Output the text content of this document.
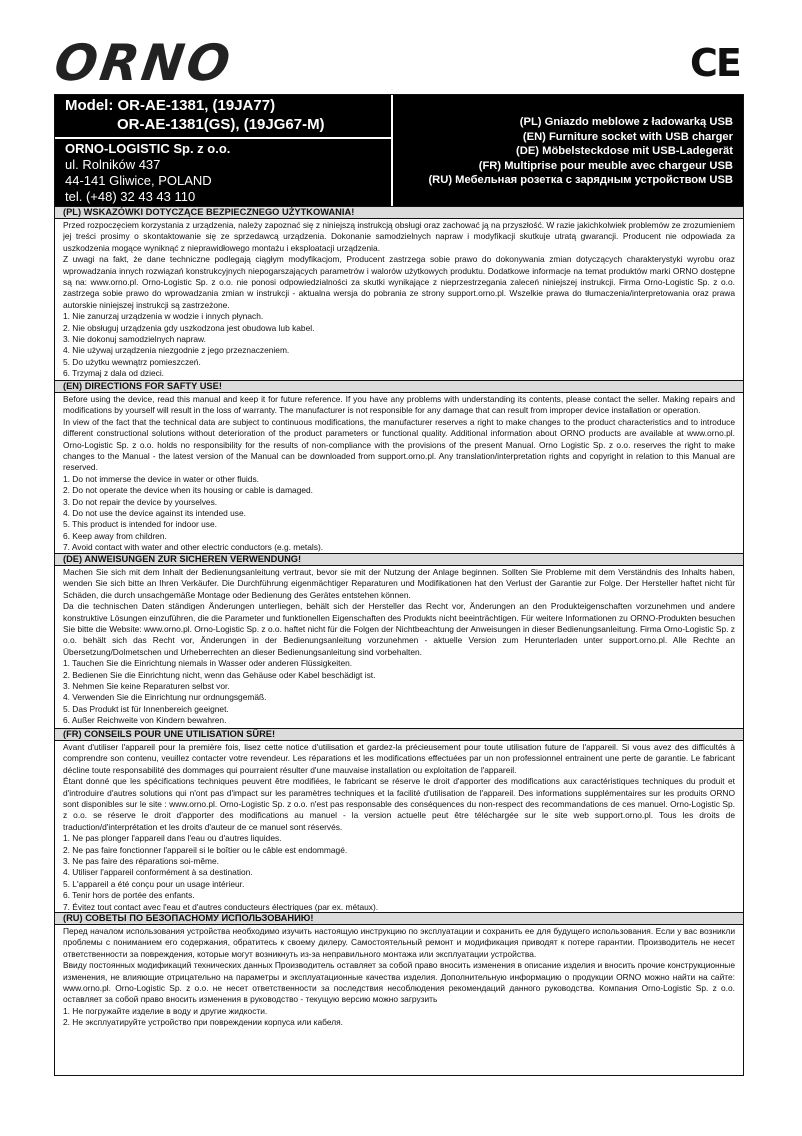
ORNO	CE
Model: OR-AE-1381, (19JA77)
OR-AE-1381(GS), (19JG67-M)
ORNO-LOGISTIC Sp. z o.o.
ul. Rolników 437
44-141 Gliwice, POLAND
tel. (+48) 32 43 43 110
(PL) Gniazdo meblowe z ładowarką USB
(EN) Furniture socket with USB charger
(DE) Möbelsteckdose mit USB-Ladegerät
(FR) Multiprise pour meuble avec chargeur USB
(RU) Мебельная розетка с зарядным устройством USB
(PL) WSKAZÓWKI DOTYCZĄCE BEZPIECZNEGO UŻYTKOWANIA!

Przed rozpoczęciem korzystania z urządzenia, należy zapoznać się z niniejszą instrukcją obsługi oraz zachować ją na przyszłość. W razie jakichkolwiek problemów ze zrozumieniem jej treści prosimy o skontaktowanie się ze sprzedawcą urządzenia. Dokonanie samodzielnych napraw i modyfikacji skutkuje utratą gwarancji. Producent nie odpowiada za uszkodzenia mogące wyniknąć z nieprawidłowego montażu i eksploatacji urządzenia.

Z uwagi na fakt, że dane techniczne podlegają ciągłym modyfikacjom, Producent zastrzega sobie prawo do dokonywania zmian dotyczących charakterystyki wyrobu oraz wprowadzania innych rozwiązań konstrukcyjnych niepogarszających parametrów i walorów użytkowych produktu. Dodatkowe informacje na temat produktów marki ORNO dostępne są na: www.orno.pl. Orno-Logistic Sp. z o.o. nie ponosi odpowiedzialności za skutki wynikające z nieprzestrzegania zaleceń niniejszej instrukcji. Firma Orno-Logistic Sp. z o.o. zastrzega sobie prawo do wprowadzania zmian w instrukcji - aktualna wersja do pobrania ze strony support.orno.pl. Wszelkie prawa do tłumaczenia/interpretowania oraz prawa autorskie niniejszej instrukcji są zastrzeżone.

1. Nie zanurzaj urządzenia w wodzie i innych płynach.

2. Nie obsługuj urządzenia gdy uszkodzona jest obudowa lub kabel.

3. Nie dokonuj samodzielnych napraw.

4. Nie używaj urządzenia niezgodnie z jego przeznaczeniem.

5. Do użytku wewnątrz pomieszczeń.

6. Trzymaj z dala od dzieci.

(EN) DIRECTIONS FOR SAFTY USE!

Before using the device, read this manual and keep it for future reference. If you have any problems with understanding its contents, please contact the seller. Making repairs and modifications by yourself will result in the loss of warranty. The manufacturer is not responsible for any damage that can result from improper device installation or operation.

In view of the fact that the technical data are subject to continuous modifications, the manufacturer reserves a right to make changes to the product characteristics and to introduce different constructional solutions without deterioration of the product parameters or functional quality. Additional information about ORNO products are available at www.orno.pl. Orno-Logistic Sp. z o.o. holds no responsibility for the results of non-compliance with the provisions of the present Manual. Orno Logistic Sp. z o.o. reserves the right to make changes to the Manual - the latest version of the Manual can be downloaded from support.orno.pl. Any translation/interpretation rights and copyright in relation to this Manual are reserved.

1. Do not immerse the device in water or other fluids.

2. Do not operate the device when its housing or cable is damaged.

3. Do not repair the device by yourselves.

4. Do not use the device against its intended use.

5. This product is intended for indoor use.

6. Keep away from children.

7. Avoid contact with water and other electric conductors (e.g. metals).

(DE) ANWEISUNGEN ZUR SICHEREN VERWENDUNG!

Machen Sie sich mit dem Inhalt der Bedienungsanleitung vertraut, bevor sie mit der Nutzung der Anlage beginnen. Sollten Sie Probleme mit dem Verständnis des Inhalts haben, wenden Sie sich bitte an Ihren Verkäufer. Die Durchführung eigenmächtiger Reparaturen und Modifikationen hat den Verlust der Garantie zur Folge. Der Hersteller haftet nicht für Schäden, die durch unsachgemäße Montage oder Bedienung des Gerätes entstehen können.

Da die technischen Daten ständigen Änderungen unterliegen, behält sich der Hersteller das Recht vor, Änderungen an den Produkteigenschaften vorzunehmen und andere konstruktive Lösungen einzuführen, die die Parameter und funktionellen Eigenschaften des Produkts nicht beeinträchtigen. Für weitere Informationen zu ORNO-Produkten besuchen Sie bitte die Website: www.orno.pl. Orno-Logistic Sp. z o.o. haftet nicht für die Folgen der Nichtbeachtung der Anweisungen in dieser Bedienungsanleitung. Firma Orno-Logistic Sp. z o.o. behält sich das Recht vor, Änderungen in der Bedienungsanleitung vorzunehmen - aktuelle Version zum Herunterladen unter support.orno.pl. Alle Rechte an Übersetzung/Dolmetschen und Urheberrechten an dieser Bedienungsanleitung sind vorbehalten.

1. Tauchen Sie die Einrichtung niemals in Wasser oder anderen Flüssigkeiten.

2. Bedienen Sie die Einrichtung nicht, wenn das Gehäuse oder Kabel beschädigt ist.

3. Nehmen Sie keine Reparaturen selbst vor.

4. Verwenden Sie die Einrichtung nur ordnungsgemäß.

5. Das Produkt ist für Innenbereich geeignet.

6. Außer Reichweite von Kindern bewahren.

(FR) CONSEILS POUR UNE UTILISATION SÛRE!

Avant d'utiliser l'appareil pour la première fois, lisez cette notice d'utilisation et gardez-la précieusement pour toute utilisation future de l'appareil. Si vous avez des difficultés à comprendre son contenu, veuillez contacter votre revendeur. Les réparations et les modifications effectuées par un non professionnel entrainent une perte de garantie. Le fabricant décline toute responsabilité des dommages qui pourraient résulter d'une mauvaise installation ou exploitation de l'appareil.

Étant donné que les spécifications techniques peuvent être modifiées, le fabricant se réserve le droit d'apporter des modifications aux caractéristiques techniques du produit et d'introduire d'autres solutions qui n'ont pas d'impact sur les paramètres techniques et la facilité d'utilisation de l'appareil. Des informations supplémentaires sur les produits ORNO sont disponibles sur le site : www.orno.pl. Orno-Logistic Sp. z o.o. n'est pas responsable des conséquences du non-respect des recommandations de ces manuel. Orno-Logistic Sp. z o.o. se réserve le droit d'apporter des modifications au manuel - la version actuelle peut être téléchargée sur le site web support.orno.pl. Tous les droits de traduction/d'interprétation et les droits d'auteur de ce manuel sont réservés.

1. Ne pas plonger l'appareil dans l'eau ou d'autres liquides.

2. Ne pas faire fonctionner l'appareil si le boîtier ou le câble est endommagé.

3. Ne pas faire des réparations soi-même.

4. Utiliser l'appareil conformément à sa destination.

5. L'appareil a été conçu pour un usage intérieur.

6. Tenir hors de portée des enfants.

7. Évitez tout contact avec l'eau et d'autres conducteurs électriques (par ex. métaux).

(RU) СОВЕТЫ ПО БЕЗОПАСНОМУ ИСПОЛЬЗОВАНИЮ!

Перед началом использования устройства необходимо изучить настоящую инструкцию по эксплуатации и сохранить ее для будущего использования. Если у вас возникли проблемы с пониманием его содержания, обратитесь к своему дилеру. Самостоятельный ремонт и модификация приводят к потере гарантии. Производитель не несет ответственности за повреждения, которые могут возникнуть из-за неправильного монтажа или эксплуатации устройства.

Ввиду постоянных модификаций технических данных Производитель оставляет за собой право вносить изменения в описание изделия и вносить прочие конструкционные изменения, не влияющие отрицательно на параметры и эксплуатационные качества изделия. Дополнительную информацию о продукции ORNO можно найти на сайте: www.orno.pl. Orno-Logistic Sp. z o.o. не несет ответственности за последствия несоблюдения рекомендаций данного руководства. Компания Orno-Logistic Sp. z o.o. оставляет за собой право вносить изменения в руководство - текущую версию можно загрузить

1. Не погружайте изделие в воду и другие жидкости.

2. Не эксплуатируйте устройство при повреждении корпуса или кабеля.
